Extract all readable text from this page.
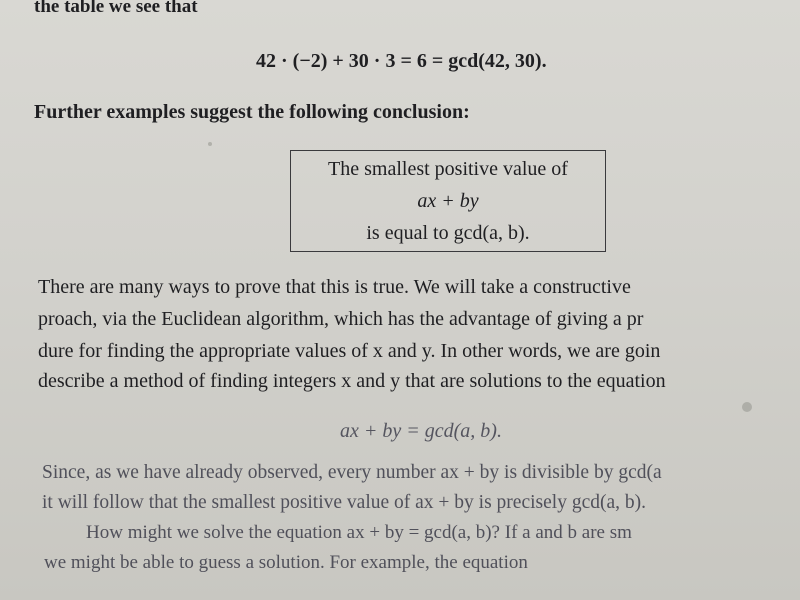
the table we see that
42 · (−2) + 30 · 3 = 6 = gcd(42, 30).
Further examples suggest the following conclusion:
The smallest positive value of
ax + by
is equal to gcd(a, b).
There are many ways to prove that this is true. We will take a constructive
proach, via the Euclidean algorithm, which has the advantage of giving a pr
dure for finding the appropriate values of x and y. In other words, we are goin
describe a method of finding integers x and y that are solutions to the equation
ax + by = gcd(a, b).
Since, as we have already observed, every number ax + by is divisible by gcd(a
it will follow that the smallest positive value of ax + by is precisely gcd(a, b).
How might we solve the equation ax + by = gcd(a, b)? If a and b are sm
we might be able to guess a solution. For example, the equation
